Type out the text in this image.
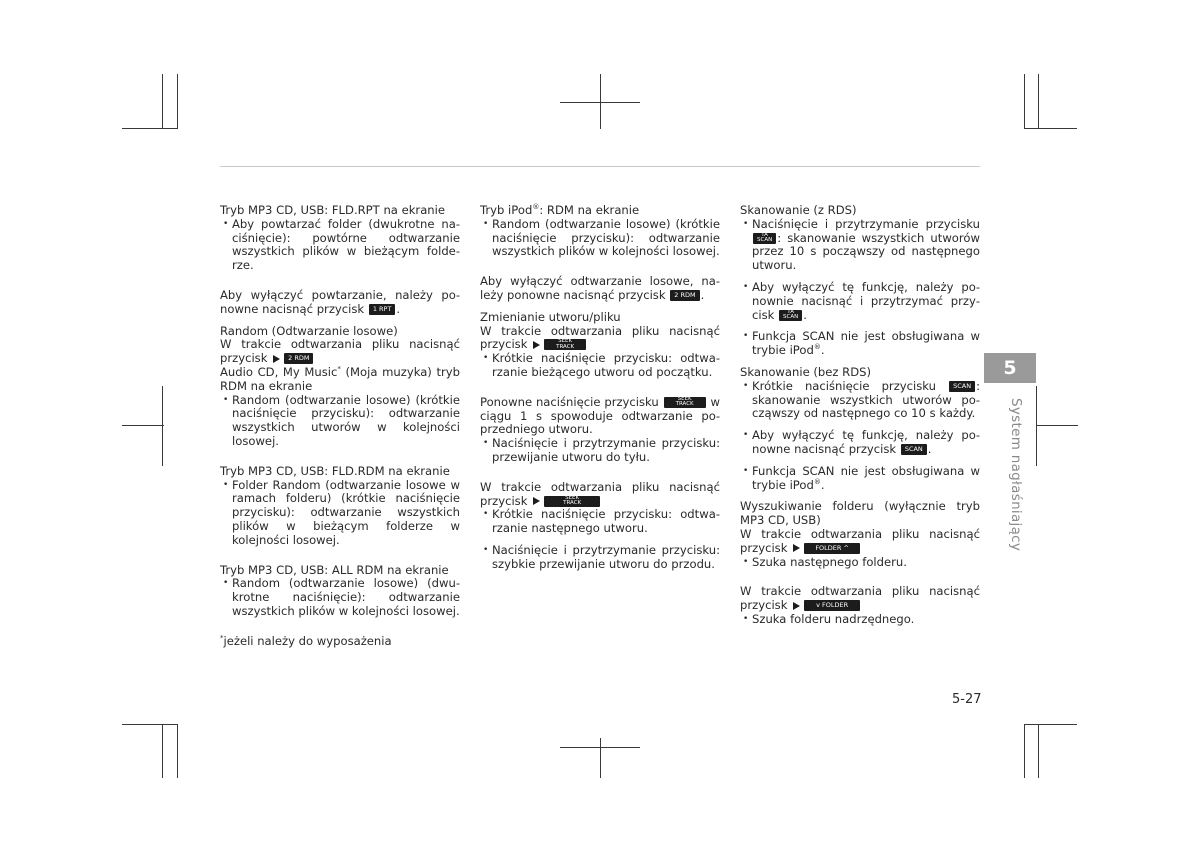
Tryb MP3 CD, USB: FLD.RPT na ekranie

• Aby powtarzać folder (dwukrotne naciśnięcie): powtórne odtwarzanie wszystkich plików w bieżącym folderze.

Aby wyłączyć powtarzanie, należy ponowne nacisnąć przycisk 1 RPT .

Random (Odtwarzanie losowe)

W trakcie odtwarzania pliku nacisnąć przycisk	2 RDM

Audio CD, My Music* (Moja muzyka) tryb RDM na ekranie

• Random (odtwarzanie losowe) (krótkie naciśnięcie przycisku): odtwarzanie wszystkich utworów w kolejności losowej.

Tryb MP3 CD, USB: FLD.RDM na ekranie

• Folder Random (odtwarzanie losowe w ramach folderu) (krótkie naciśnięcie przycisku): odtwarzanie wszystkich plików w bieżącym folderze w kolejności losowej.

Tryb MP3 CD, USB: ALL RDM na ekranie

• Random (odtwarzanie losowe) (dwukrotne naciśnięcie): odtwarzanie wszystkich plików w kolejności losowej.

*jeżeli należy do wyposażenia

Tryb iPod®: RDM na ekranie

• Random (odtwarzanie losowe) (krótkie naciśnięcie przycisku): odtwarzanie wszystkich plików w kolejności losowej.

Aby wyłączyć odtwarzanie losowe, należy ponowne nacisnąć przycisk 2 RDM .

Zmienianie utworu/pliku

W trakcie odtwarzania pliku nacisnąć przycisk	SEEK
TRACK

• Krótkie naciśnięcie przycisku: odtwarzanie bieżącego utworu od początku.

Ponowne naciśnięcie przycisku	SEEK
TRACK	w ciągu 1 s spowoduje odtwarzanie poprzedniego utworu.

• Naciśnięcie i przytrzymanie przycisku: przewijanie utworu do tyłu.

W trakcie odtwarzania pliku nacisnąć przycisk	SEEK
TRACK

• Krótkie naciśnięcie przycisku: odtwarzanie następnego utworu.
• Naciśnięcie i przytrzymanie przycisku: szybkie przewijanie utworu do przodu.

Skanowanie (z RDS)

• Naciśnięcie i przytrzymanie przycisku
TA
SCAN : skanowanie wszystkich utworów przez 10 s począwszy od następnego utworu.
• Aby wyłączyć tę funkcję, należy ponownie nacisnąć i przytrzymać przycisk	TA
SCAN .
• Funkcja SCAN nie jest obsługiwana w trybie iPod®.

Skanowanie (bez RDS)

• Krótkie naciśnięcie przycisku	SCAN : skanowanie wszystkich utworów począwszy od następnego co 10 s każdy.
• Aby wyłączyć tę funkcję, należy ponowne nacisnąć przycisk SCAN .
• Funkcja SCAN nie jest obsługiwana w trybie iPod®.

Wyszukiwanie folderu (wyłącznie tryb MP3 CD, USB)

W trakcie odtwarzania pliku nacisnąć przycisk	FOLDER ^

• Szuka następnego folderu.

W trakcie odtwarzania pliku nacisnąć przycisk	v FOLDER

• Szuka folderu nadrzędnego.
5
System nagłaśniający
5-27
